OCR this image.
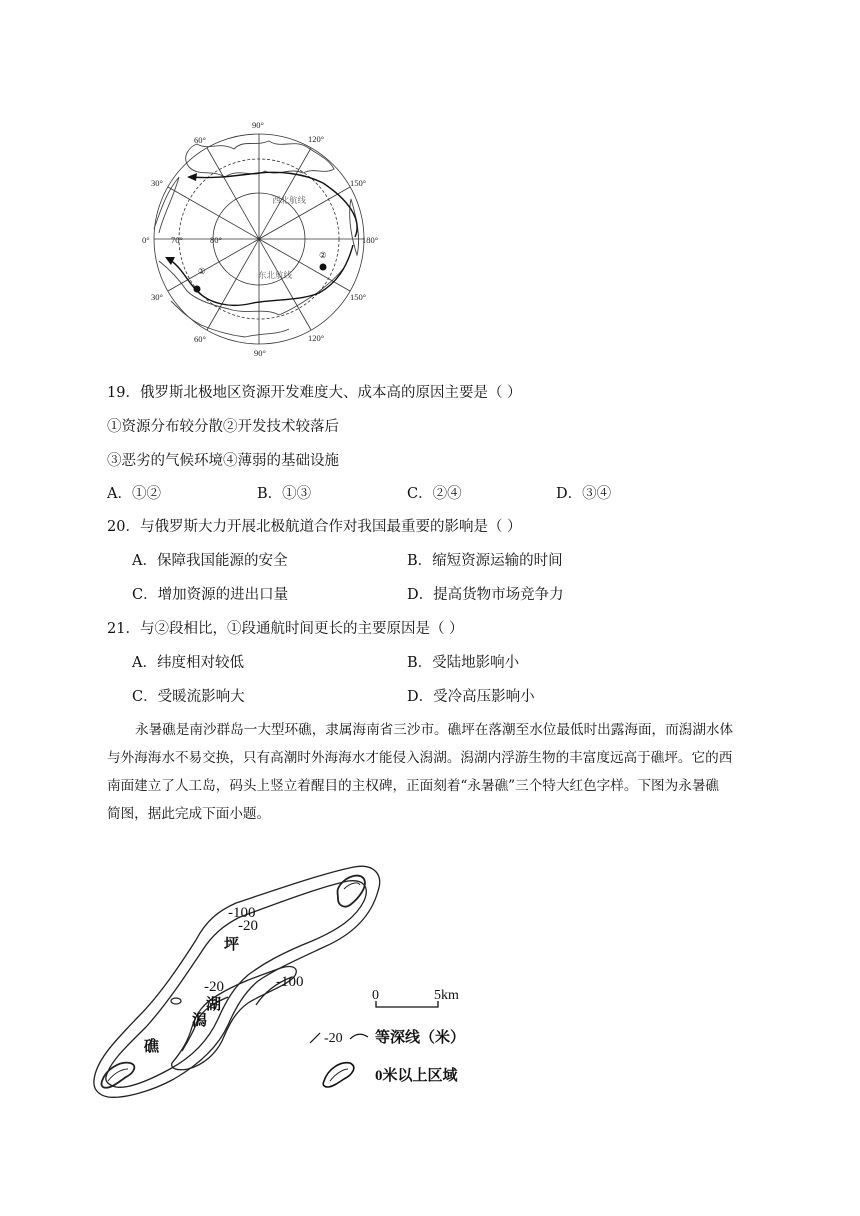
90°
90°
60°
60°
120°
120°
30°
30°
150°
150°
0°	180°
70°	80°
西北航线
东北航线
②
①
19．俄罗斯北极地区资源开发难度大、成本高的原因主要是（ ）
①资源分布较分散②开发技术较落后
③恶劣的气候环境④薄弱的基础设施
A．①②	B．①③	C．②④	D．③④
20．与俄罗斯大力开展北极航道合作对我国最重要的影响是（ ）
A．保障我国能源的安全	B．缩短资源运输的时间
C．增加资源的进出口量	D．提高货物市场竞争力
21．与②段相比，①段通航时间更长的主要原因是（ ）
A．纬度相对较低	B．受陆地影响小
C．受暖流影响大	D．受冷高压影响小

永暑礁是南沙群岛一大型环礁，隶属海南省三沙市。礁坪在落潮至水位最低时出露海面，而潟湖水体

与外海海水不易交换，只有高潮时外海海水才能侵入潟湖。潟湖内浮游生物的丰富度远高于礁坪。它的西

南面建立了人工岛，码头上竖立着醒目的主权碑，正面刻着“永暑礁”三个特大红色字样。下图为永暑礁

简图，据此完成下面小题。

-100
-20
坪
-20	-100
湖
潟
礁
0	5km
-20 等深线（米）
0米以上区域
